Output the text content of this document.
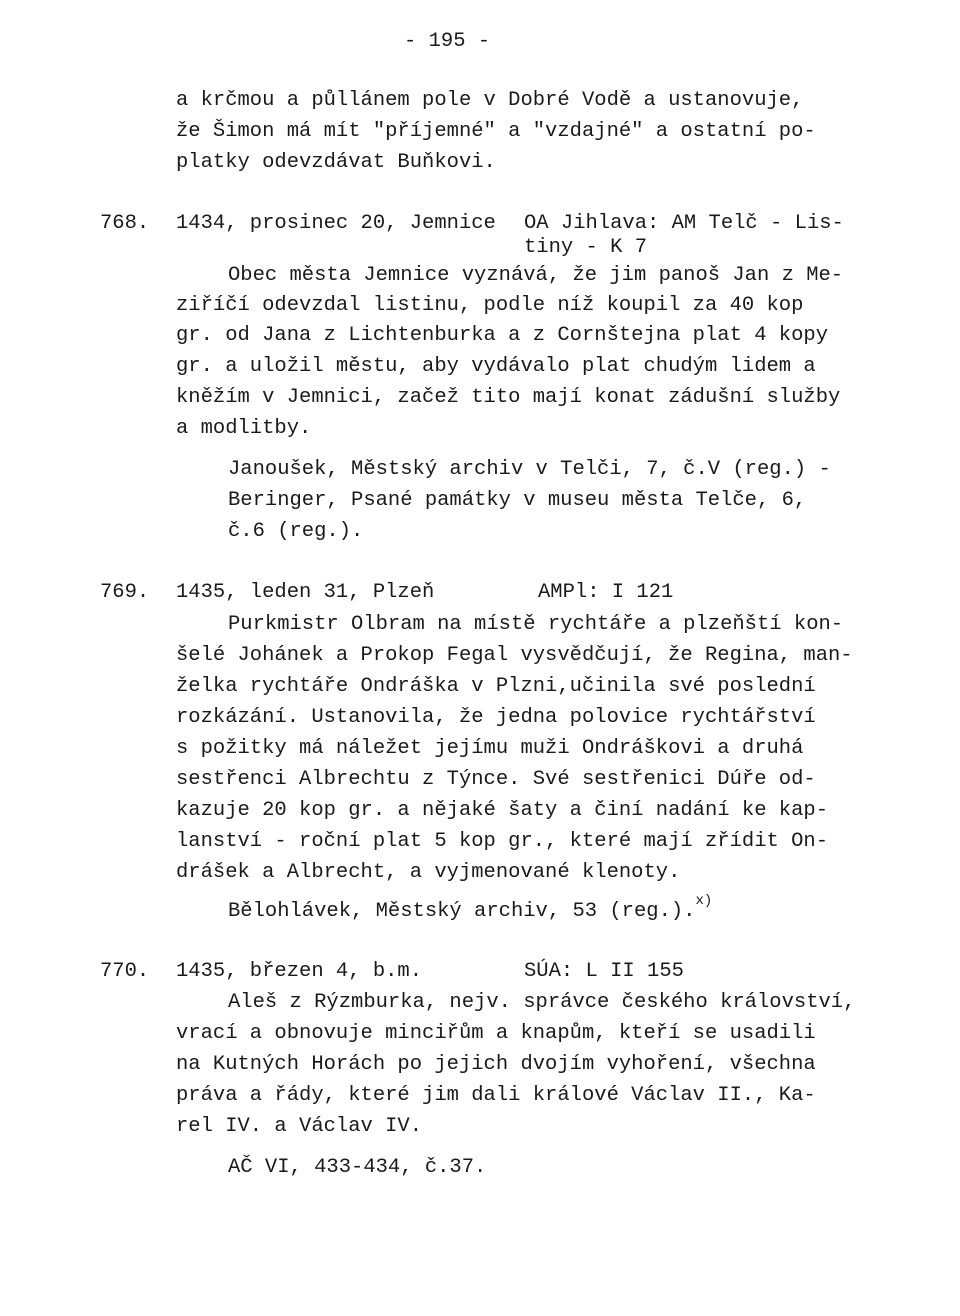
- 195 -
a krčmou a půllánem pole v Dobré Vodě a ustanovuje,
že Šimon má mít "příjemné" a "vzdajné" a ostatní po-
platky odevzdávat Buňkovi.
768. 1434, prosinec 20, Jemnice OA Jihlava: AM Telč - Lis-
tiny - K 7
Obec města Jemnice vyznává, že jim panoš Jan z Me-
ziříčí odevzdal listinu, podle níž koupil za 40 kop
gr. od Jana z Lichtenburka a z Cornštejna plat 4 kopy
gr. a uložil městu, aby vydávalo plat chudým lidem a
kněžím v Jemnici, začež tito mají konat zádušní služby
a modlitby.
Janoušek, Městský archiv v Telči, 7, č.V (reg.) -
Beringer, Psané památky v museu města Telče, 6,
č.6 (reg.).
769. 1435, leden 31, Plzeň	AMPl: I 121
Purkmistr Olbram na místě rychtáře a plzeňští kon-
šelé Johánek a Prokop Fegal vysvědčují, že Regina, man-
želka rychtáře Ondráška v Plzni,učinila své poslední
rozkázání. Ustanovila, že jedna polovice rychtářství
s požitky má náležet jejímu muži Ondráškovi a druhá
sestřenci Albrechtu z Týnce. Své sestřenici Dúře od-
kazuje 20 kop gr. a nějaké šaty a činí nadání ke kap-
lanství - roční plat 5 kop gr., které mají zřídit On-
drášek a Albrecht, a vyjmenované klenoty.
Bělohlávek, Městský archiv, 53 (reg.).$^{x)}$
770. 1435, březen 4, b.m.	SÚA: L II 155
Aleš z Rýzmburka, nejv. správce českého království,
vrací a obnovuje minciřům a knapům, kteří se usadili
na Kutných Horách po jejich dvojím vyhoření, všechna
práva a řády, které jim dali králové Václav II., Ka-
rel IV. a Václav IV.
AČ VI, 433-434, č.37.
